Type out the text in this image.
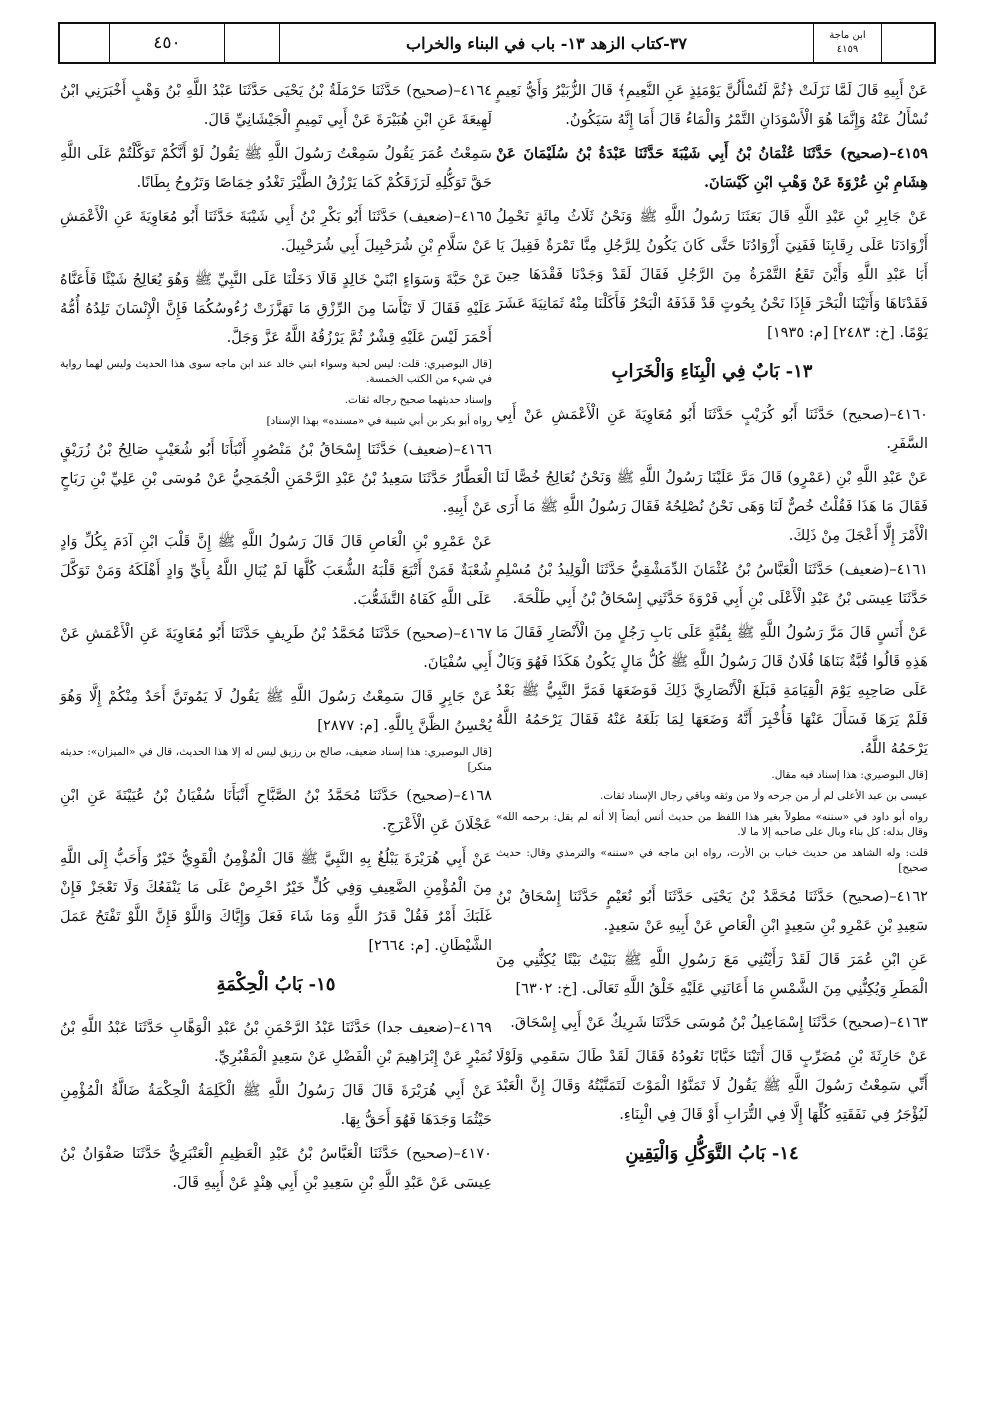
٤٥٠	٣٧-كتاب الزهد ١٣- باب في البناء والخراب	ابن ماجة
٤١٥٩

عَنْ أَبِيهِ قَالَ لَمَّا نَزَلَتْ ﴿ثُمَّ لَتُسْأَلُنَّ يَوْمَئِذٍ عَنِ النَّعِيمِ﴾ قَالَ الزُّبَيْرُ وَأَيُّ نَعِيمٍ نُسْأَلُ عَنْهُ وَإِنَّمَا هُوَ الْأَسْوَدَانِ التَّمْرُ وَالْمَاءُ قَالَ أَمَا إِنَّهُ سَيَكُونُ.

٤١٥٩–(صحيح) حَدَّثَنَا عُثْمَانُ بْنُ أَبِي شَيْبَةَ حَدَّثَنَا عَبْدَةُ بْنُ سُلَيْمَانَ عَنْ هِشَامِ بْنِ عُرْوَةَ عَنْ وَهْبِ ابْنِ كَيْسَانَ.

عَنْ جَابِرِ بْنِ عَبْدِ اللَّهِ قَالَ بَعَثَنَا رَسُولُ اللَّهِ ﷺ وَنَحْنُ ثَلَاثُ مِائَةٍ نَحْمِلُ أَزْوَادَنَا عَلَى رِقَابِنَا فَفَنِيَ أَزْوَادُنَا حَتَّى كَانَ يَكُونُ لِلرَّجُلِ مِنَّا تَمْرَةٌ فَقِيلَ يَا أَبَا عَبْدِ اللَّهِ وَأَيْنَ تَقَعُ التَّمْرَةُ مِنَ الرَّجُلِ فَقَالَ لَقَدْ وَجَدْنَا فَقْدَهَا حِينَ فَقَدْنَاهَا وَأَتَيْنَا الْبَحْرَ فَإِذَا نَحْنُ بِحُوتٍ قَدْ قَذَفَهُ الْبَحْرُ فَأَكَلْنَا مِنْهُ ثَمَانِيَةَ عَشَرَ يَوْمًا. [خ: ٢٤٨٣] [م: ١٩٣٥]

١٣- بَابٌ فِي الْبِنَاءِ وَالْخَرَابِ

٤١٦٠–(صحيح) حَدَّثَنَا أَبُو كُرَيْبٍ حَدَّثَنَا أَبُو مُعَاوِيَةَ عَنِ الْأَعْمَشِ عَنْ أَبِي السَّفَرِ.

عَنْ عَبْدِ اللَّهِ بْنِ (عَمْرٍو) قَالَ مَرَّ عَلَيْنَا رَسُولُ اللَّهِ ﷺ وَنَحْنُ نُعَالِجُ خُصًّا لَنَا فَقَالَ مَا هَذَا فَقُلْتُ خُصٌّ لَنَا وَهَى نَحْنُ نُصْلِحُهُ فَقَالَ رَسُولُ اللَّهِ ﷺ مَا أَرَى الْأَمْرَ إِلَّا أَعْجَلَ مِنْ ذَلِكَ.

٤١٦١–(ضعيف) حَدَّثَنَا الْعَبَّاسُ بْنُ عُثْمَانَ الدِّمَشْقِيُّ حَدَّثَنَا الْوَلِيدُ بْنُ مُسْلِمٍ حَدَّثَنَا عِيسَى بْنُ عَبْدِ الْأَعْلَى بْنِ أَبِي فَرْوَةَ حَدَّثَنِي إِسْحَاقُ بْنُ أَبِي طَلْحَةَ.

عَنْ أَنَسٍ قَالَ مَرَّ رَسُولُ اللَّهِ ﷺ بِقُبَّةٍ عَلَى بَابِ رَجُلٍ مِنَ الْأَنْصَارِ فَقَالَ مَا هَذِهِ قَالُوا قُبَّةٌ بَنَاهَا فُلَانٌ قَالَ رَسُولُ اللَّهِ ﷺ كُلُّ مَالٍ يَكُونُ هَكَذَا فَهُوَ وَبَالٌ عَلَى صَاحِبِهِ يَوْمَ الْقِيَامَةِ فَبَلَغَ الْأَنْصَارِيَّ ذَلِكَ فَوَضَعَهَا فَمَرَّ النَّبِيُّ ﷺ بَعْدُ فَلَمْ يَرَهَا فَسَأَلَ عَنْهَا فَأُخْبِرَ أَنَّهُ وَضَعَهَا لِمَا بَلَغَهُ عَنْهُ فَقَالَ يَرْحَمُهُ اللَّهُ يَرْحَمُهُ اللَّهُ.

[قال البوصيري: هذا إسناد فيه مقال.

عيسى بن عبد الأعلى لم أر من جرحه ولا من وثقه وباقي رجال الإسناد ثقات.

رواه أبو داود في «سننه» مطولاً بغير هذا اللفظ من حديث أنس أيضاً إلا أنه لم يقل: برحمه الله» وقال بدله: كل بناء وبال على صاحبه إلا ما لا.

قلت: وله الشاهد من حديث خباب بن الأرت، رواه ابن ماجه في «سننه» والترمذي وقال: حديث صحيح]

٤١٦٢–(صحيح) حَدَّثَنَا مُحَمَّدُ بْنُ يَحْيَى حَدَّثَنَا أَبُو نُعَيْمٍ حَدَّثَنَا إِسْحَاقُ بْنُ سَعِيدِ بْنِ عَمْرِو بْنِ سَعِيدٍ ابْنِ الْعَاصِ عَنْ أَبِيهِ عَنْ سَعِيدٍ.

عَنِ ابْنِ عُمَرَ قَالَ لَقَدْ رَأَيْتُنِي مَعَ رَسُولِ اللَّهِ ﷺ بَنَيْتُ بَيْتًا يُكِنُّنِي مِنَ الْمَطَرِ وَيُكِنُّنِي مِنَ الشَّمْسِ مَا أَعَانَنِي عَلَيْهِ خَلْقُ اللَّهِ تَعَالَى. [خ: ٦٣٠٢]

٤١٦٣–(صحيح) حَدَّثَنَا إِسْمَاعِيلُ بْنُ مُوسَى حَدَّثَنَا شَرِيكٌ عَنْ أَبِي إِسْحَاقَ.

عَنْ حَارِثَةَ بْنِ مُضَرِّبٍ قَالَ أَتَيْنَا خَبَّابًا نَعُودُهُ فَقَالَ لَقَدْ طَالَ سَقَمِي وَلَوْلَا أَنِّي سَمِعْتُ رَسُولَ اللَّهِ ﷺ يَقُولُ لَا تَمَنَّوُا الْمَوْتَ لَتَمَنَّيْتُهُ وَقَالَ إِنَّ الْعَبْدَ لَيُؤْجَرُ فِي نَفَقَتِهِ كُلِّهَا إِلَّا فِي التُّرَابِ أَوْ قَالَ فِي الْبِنَاءِ.

١٤- بَابُ التَّوَكُّلِ وَالْيَقِينِ

٤١٦٤–(صحيح) حَدَّثَنَا حَرْمَلَةُ بْنُ يَحْيَى حَدَّثَنَا عَبْدُ اللَّهِ بْنُ وَهْبٍ أَخْبَرَنِي ابْنُ لَهِيعَةَ عَنِ ابْنِ هُبَيْرَةَ عَنْ أَبِي تَمِيمٍ الْجَيْشَانِيِّ قَالَ.

سَمِعْتُ عُمَرَ يَقُولُ سَمِعْتُ رَسُولَ اللَّهِ ﷺ يَقُولُ لَوْ أَنَّكُمْ تَوَكَّلْتُمْ عَلَى اللَّهِ حَقَّ تَوَكُّلِهِ لَرَزَقَكُمْ كَمَا يَرْزُقُ الطَّيْرَ تَغْدُو خِمَاصًا وَتَرُوحُ بِطَانًا.

٤١٦٥–(ضعيف) حَدَّثَنَا أَبُو بَكْرِ بْنُ أَبِي شَيْبَةَ حَدَّثَنَا أَبُو مُعَاوِيَةَ عَنِ الْأَعْمَشِ عَنْ سَلَّامِ بْنِ شُرَحْبِيلَ أَبِي شُرَحْبِيلَ.

عَنْ حَبَّةَ وَسَوَاءٍ ابْنَيْ خَالِدٍ قَالَا دَخَلْنَا عَلَى النَّبِيِّ ﷺ وَهُوَ يُعَالِجُ شَيْئًا فَأَعَنَّاهُ عَلَيْهِ فَقَالَ لَا تَيْأَسَا مِنَ الرِّزْقِ مَا تَهَزَّزَتْ رُءُوسُكُمَا فَإِنَّ الْإِنْسَانَ تَلِدُهُ أُمُّهُ أَحْمَرَ لَيْسَ عَلَيْهِ قِشْرٌ ثُمَّ يَرْزُقُهُ اللَّهُ عَزَّ وَجَلَّ.

[قال البوصيري: قلت: ليس لحبة وسواء ابني خالد عند ابن ماجه سوى هذا الحديث وليس لهما رواية في شيء من الكتب الخمسة.

وإسناد حديثهما صحيح رجاله ثقات.

رواه أبو بكر بن أبي شيبة في «مسنده» بهذا الإسناد]

٤١٦٦–(ضعيف) حَدَّثَنَا إِسْحَاقُ بْنُ مَنْصُورٍ أَنْبَأَنَا أَبُو شُعَيْبٍ صَالِحُ بْنُ زُرَيْقٍ الْعَطَّارُ حَدَّثَنَا سَعِيدُ بْنُ عَبْدِ الرَّحْمَنِ الْجُمَحِيُّ عَنْ مُوسَى بْنِ عَلِيِّ بْنِ رَبَاحٍ عَنْ أَبِيهِ.

عَنْ عَمْرِو بْنِ الْعَاصِ قَالَ قَالَ رَسُولُ اللَّهِ ﷺ إِنَّ قَلْبَ ابْنِ آدَمَ بِكُلِّ وَادٍ شُعْبَةٌ فَمَنْ أَتْبَعَ قَلْبَهُ الشُّعَبَ كُلَّهَا لَمْ يُبَالِ اللَّهُ بِأَيِّ وَادٍ أَهْلَكَهُ وَمَنْ تَوَكَّلَ عَلَى اللَّهِ كَفَاهُ التَّشَعُّبَ.

٤١٦٧–(صحيح) حَدَّثَنَا مُحَمَّدُ بْنُ طَرِيفٍ حَدَّثَنَا أَبُو مُعَاوِيَةَ عَنِ الْأَعْمَشِ عَنْ أَبِي سُفْيَانَ.

عَنْ جَابِرٍ قَالَ سَمِعْتُ رَسُولَ اللَّهِ ﷺ يَقُولُ لَا يَمُوتَنَّ أَحَدٌ مِنْكُمْ إِلَّا وَهُوَ يُحْسِنُ الظَّنَّ بِاللَّهِ. [م: ٢٨٧٧]

[قال البوصيري: هذا إسناد ضعيف، صالح بن رزيق ليس له إلا هذا الحديث، قال في «الميزان»: حديثه منكر]

٤١٦٨–(صحيح) حَدَّثَنَا مُحَمَّدُ بْنُ الصَّبَّاحِ أَنْبَأَنَا سُفْيَانُ بْنُ عُيَيْنَةَ عَنِ ابْنِ عَجْلَانَ عَنِ الْأَعْرَجِ.

عَنْ أَبِي هُرَيْرَةَ يَبْلُغُ بِهِ النَّبِيَّ ﷺ قَالَ الْمُؤْمِنُ الْقَوِيُّ خَيْرٌ وَأَحَبُّ إِلَى اللَّهِ مِنَ الْمُؤْمِنِ الضَّعِيفِ وَفِي كُلٍّ خَيْرٌ احْرِصْ عَلَى مَا يَنْفَعُكَ وَلَا تَعْجَزْ فَإِنْ غَلَبَكَ أَمْرٌ فَقُلْ قَدَرُ اللَّهِ وَمَا شَاءَ فَعَلَ وَإِيَّاكَ وَاللَّوْ فَإِنَّ اللَّوْ تَفْتَحُ عَمَلَ الشَّيْطَانِ. [م: ٢٦٦٤]

١٥- بَابُ الْحِكْمَةِ

٤١٦٩–(ضعيف جدا) حَدَّثَنَا عَبْدُ الرَّحْمَنِ بْنُ عَبْدِ الْوَهَّابِ حَدَّثَنَا عَبْدُ اللَّهِ بْنُ نُمَيْرٍ عَنْ إِبْرَاهِيمَ بْنِ الْفَضْلِ عَنْ سَعِيدٍ الْمَقْبُرِيِّ.

عَنْ أَبِي هُرَيْرَةَ قَالَ قَالَ رَسُولُ اللَّهِ ﷺ الْكَلِمَةُ الْحِكْمَةُ ضَالَّةُ الْمُؤْمِنِ حَيْثُمَا وَجَدَهَا فَهُوَ أَحَقُّ بِهَا.

٤١٧٠–(صحيح) حَدَّثَنَا الْعَبَّاسُ بْنُ عَبْدِ الْعَظِيمِ الْعَنْبَرِيُّ حَدَّثَنَا صَفْوَانُ بْنُ عِيسَى عَنْ عَبْدِ اللَّهِ بْنِ سَعِيدِ بْنِ أَبِي هِنْدٍ عَنْ أَبِيهِ قَالَ.
